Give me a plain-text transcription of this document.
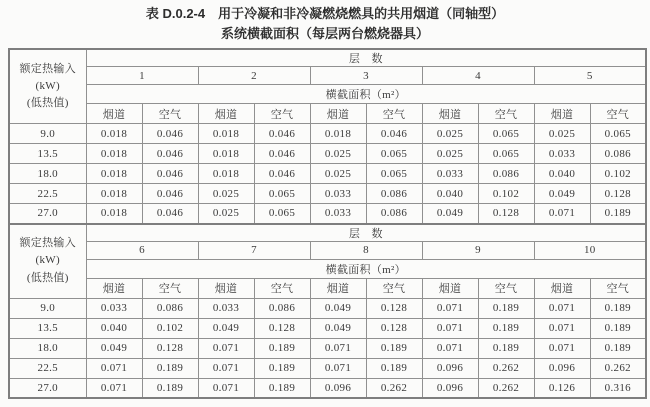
表 D.0.2-4　用于冷凝和非冷凝燃烧燃具的共用烟道（同轴型）
系统横截面积（每层两台燃烧器具）
额定热输入
(kW)
(低热值)	层　数									
	1		2		3		4		5	
	横截面积（m²）									
	烟道	空气	烟道	空气	烟道	空气	烟道	空气	烟道	空气
9.0	0.018	0.046	0.018	0.046	0.018	0.046	0.025	0.065	0.025	0.065
13.5	0.018	0.046	0.018	0.046	0.025	0.065	0.025	0.065	0.033	0.086
18.0	0.018	0.046	0.018	0.046	0.025	0.065	0.033	0.086	0.040	0.102
22.5	0.018	0.046	0.025	0.065	0.033	0.086	0.040	0.102	0.049	0.128
27.0	0.018	0.046	0.025	0.065	0.033	0.086	0.049	0.128	0.071	0.189

额定热输入
(kW)
(低热值)	层　数									
	6		7		8		9		10	
	横截面积（m²）									
	烟道	空气	烟道	空气	烟道	空气	烟道	空气	烟道	空气
9.0	0.033	0.086	0.033	0.086	0.049	0.128	0.071	0.189	0.071	0.189
13.5	0.040	0.102	0.049	0.128	0.049	0.128	0.071	0.189	0.071	0.189
18.0	0.049	0.128	0.071	0.189	0.071	0.189	0.071	0.189	0.071	0.189
22.5	0.071	0.189	0.071	0.189	0.071	0.189	0.096	0.262	0.096	0.262
27.0	0.071	0.189	0.071	0.189	0.096	0.262	0.096	0.262	0.126	0.316
